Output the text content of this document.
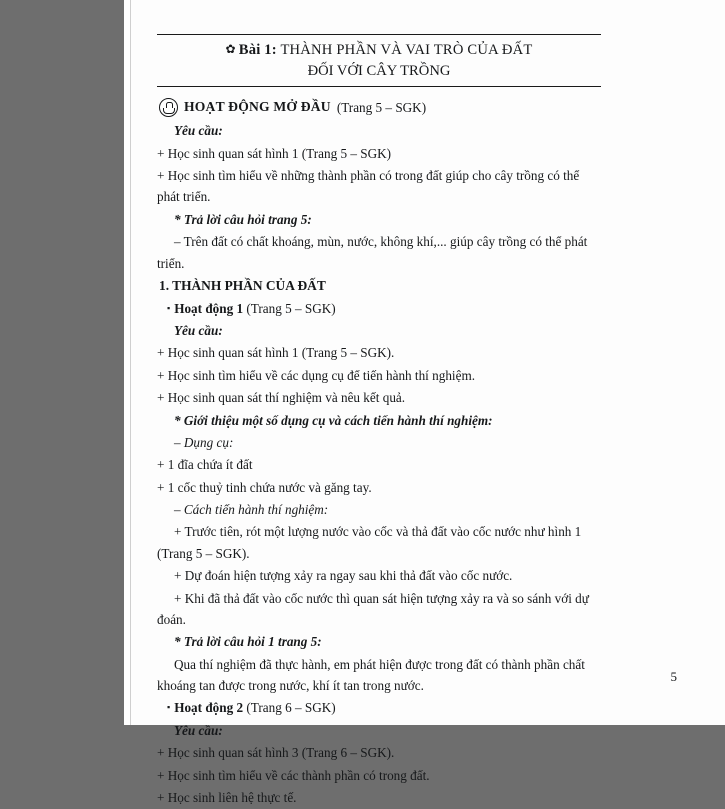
✿ Bài 1: THÀNH PHẦN VÀ VAI TRÒ CỦA ĐẤT
ĐỐI VỚI CÂY TRỒNG
HOẠT ĐỘNG MỞ ĐẦU (Trang 5 – SGK)

Yêu cầu:

+ Học sinh quan sát hình 1 (Trang 5 – SGK)

+ Học sinh tìm hiểu về những thành phần có trong đất giúp cho cây trồng có thể phát triển.

* Trả lời câu hỏi trang 5:

– Trên đất có chất khoáng, mùn, nước, không khí,... giúp cây trồng có thể phát triển.

1. THÀNH PHẦN CỦA ĐẤT

▪ Hoạt động 1 (Trang 5 – SGK)

Yêu cầu:

+ Học sinh quan sát hình 1 (Trang 5 – SGK).

+ Học sinh tìm hiểu về các dụng cụ để tiến hành thí nghiệm.

+ Học sinh quan sát thí nghiệm và nêu kết quả.

* Giới thiệu một số dụng cụ và cách tiến hành thí nghiệm:

– Dụng cụ:

+ 1 đĩa chứa ít đất

+ 1 cốc thuỷ tinh chứa nước và găng tay.

– Cách tiến hành thí nghiệm:

+ Trước tiên, rót một lượng nước vào cốc và thả đất vào cốc nước như hình 1 (Trang 5 – SGK).

+ Dự đoán hiện tượng xảy ra ngay sau khi thả đất vào cốc nước.

+ Khi đã thả đất vào cốc nước thì quan sát hiện tượng xảy ra và so sánh với dự đoán.

* Trả lời câu hỏi 1 trang 5:

Qua thí nghiệm đã thực hành, em phát hiện được trong đất có thành phần chất khoáng tan được trong nước, khí ít tan trong nước.

▪ Hoạt động 2 (Trang 6 – SGK)

Yêu cầu:

+ Học sinh quan sát hình 3 (Trang 6 – SGK).

+ Học sinh tìm hiểu về các thành phần có trong đất.

+ Học sinh liên hệ thực tế.

5
